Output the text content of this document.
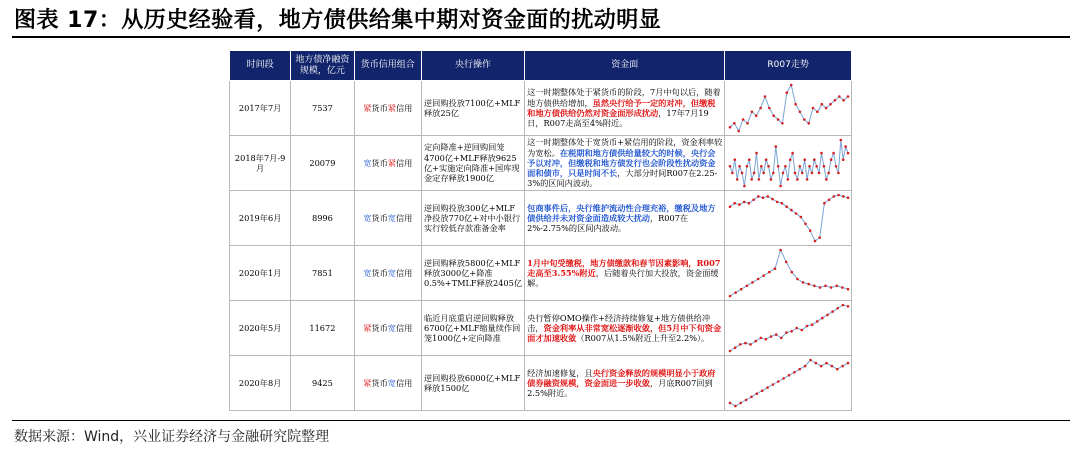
图表 17：从历史经验看，地方债供给集中期对资金面的扰动明显
时间段	地方债净融资规模，亿元	货币信用组合	央行操作	资金面	R007走势
2017年7月	7537	紧货币紧信用	逆回购投放7100亿+MLF释放25亿	这一时期整体处于紧货币的阶段，7月中旬以后，随着地方债供给增加，虽然央行给予一定的对冲，但缴税和地方债供给仍然对资金面形成扰动，17年7月19日，R007走高至4%附近。	

2018年7月-9月	20079	宽货币紧信用	定向降准+逆回购回笼4700亿+MLF释放9625亿+实施定向降准+国库现金定存释放1900亿	这一时期整体处于宽货币+紧信用的阶段，资金利率较为宽松。在税期和地方债供给量较大的时候，央行会予以对冲，但缴税和地方债发行也会阶段性扰动资金面和债市，只是时间不长，大部分时间R007在2.25-3%的区间内波动。	

2019年6月	8996	宽货币宽信用	逆回购投放300亿+MLF净投放770亿+对中小银行实行较低存款准备金率	包商事件后，央行维护流动性合理充裕，缴税及地方债供给并未对资金面造成较大扰动，R007在2%-2.75%的区间内波动。	

2020年1月	7851	宽货币宽信用	逆回购释放5800亿+MLF释放3000亿+降准0.5%+TMLF释放2405亿	1月中旬受缴税，地方债缴款和春节因素影响，R007走高至3.55%附近，后随着央行加大投放，资金面缓解。	

2020年5月	11672	紧货币宽信用	临近月底重启逆回购释放6700亿+MLF缩量续作回笼1000亿+定向降准	央行暂停OMO操作+经济持续修复+地方债供给冲击，资金利率从非常宽松逐渐收敛，但5月中下旬资金面才加速收敛（R007从1.5%附近上升至2.2%）。	

2020年8月	9425	紧货币宽信用	逆回购投放6000亿+MLF释放1500亿	经济加速修复，且央行资金释放的规模明显小于政府债券融资规模，资金面进一步收敛，月底R007回到2.5%附近。	
数据来源：Wind，兴业证券经济与金融研究院整理
